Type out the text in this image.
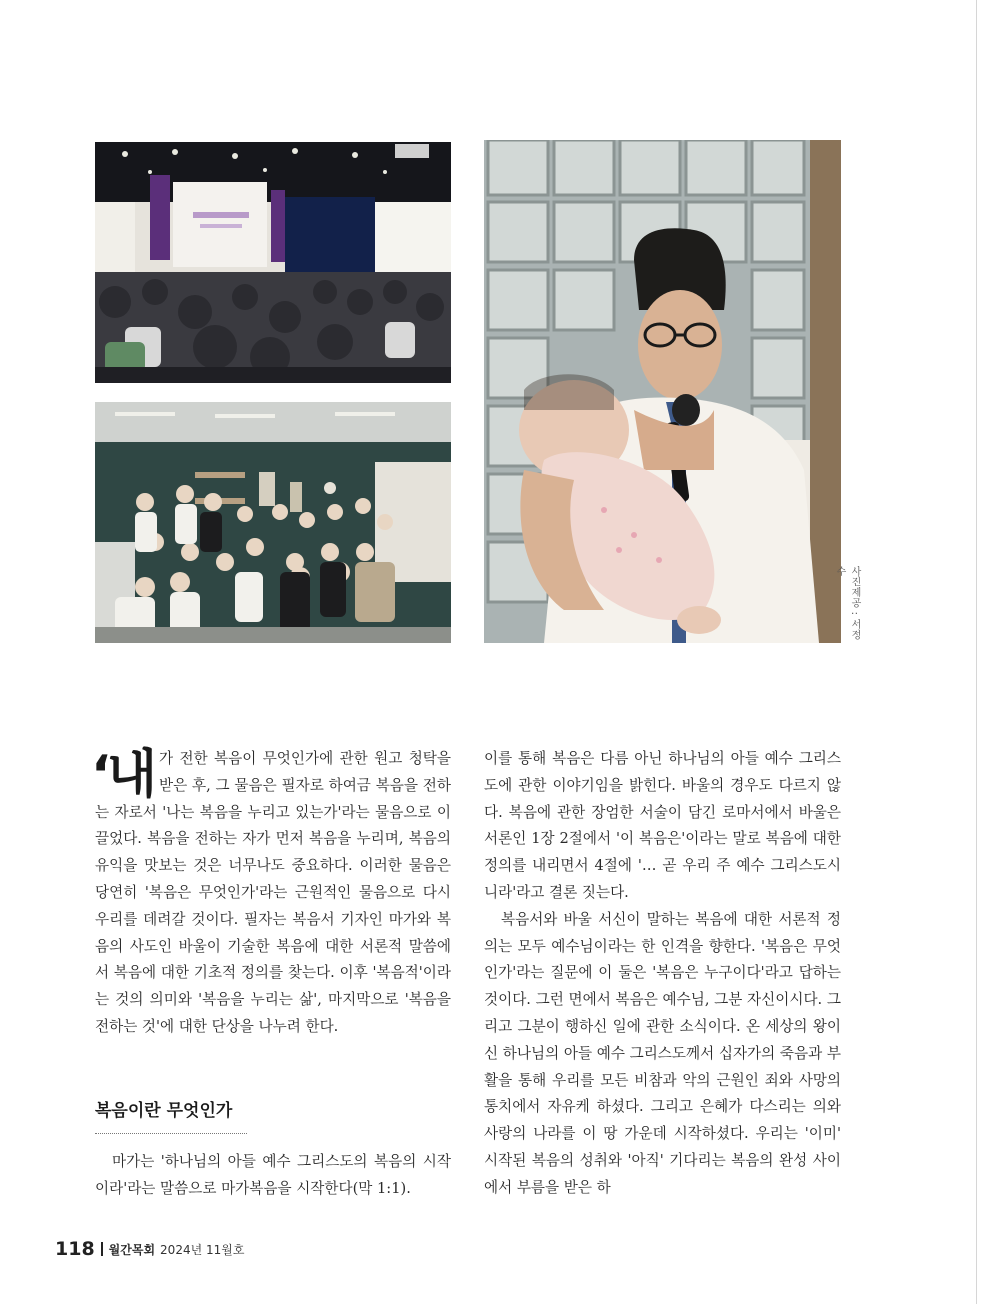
사진제공 : 서정수

‘내가 전한 복음이 무엇인가에 관한 원고 청탁을 받은 후, 그 물음은 필자로 하여금 복음을 전하는 자로서 '나는 복음을 누리고 있는가'라는 물음으로 이끌었다. 복음을 전하는 자가 먼저 복음을 누리며, 복음의 유익을 맛보는 것은 너무나도 중요하다. 이러한 물음은 당연히 '복음은 무엇인가'라는 근원적인 물음으로 다시 우리를 데려갈 것이다. 필자는 복음서 기자인 마가와 복음의 사도인 바울이 기술한 복음에 대한 서론적 말씀에서 복음에 대한 기초적 정의를 찾는다. 이후 '복음적'이라는 것의 의미와 '복음을 누리는 삶', 마지막으로 '복음을 전하는 것'에 대한 단상을 나누려 한다.

복음이란 무엇인가

마가는 '하나님의 아들 예수 그리스도의 복음의 시작이라'라는 말씀으로 마가복음을 시작한다(막 1:1).

이를 통해 복음은 다름 아닌 하나님의 아들 예수 그리스도에 관한 이야기임을 밝힌다. 바울의 경우도 다르지 않다. 복음에 관한 장엄한 서술이 담긴 로마서에서 바울은 서론인 1장 2절에서 '이 복음은'이라는 말로 복음에 대한 정의를 내리면서 4절에 '… 곧 우리 주 예수 그리스도시니라'라고 결론 짓는다.

복음서와 바울 서신이 말하는 복음에 대한 서론적 정의는 모두 예수님이라는 한 인격을 향한다. '복음은 무엇인가'라는 질문에 이 둘은 '복음은 누구이다'라고 답하는 것이다. 그런 면에서 복음은 예수님, 그분 자신이시다. 그리고 그분이 행하신 일에 관한 소식이다. 온 세상의 왕이신 하나님의 아들 예수 그리스도께서 십자가의 죽음과 부활을 통해 우리를 모든 비참과 악의 근원인 죄와 사망의 통치에서 자유케 하셨다. 그리고 은혜가 다스리는 의와 사랑의 나라를 이 땅 가운데 시작하셨다. 우리는 '이미' 시작된 복음의 성취와 '아직' 기다리는 복음의 완성 사이에서 부름을 받은 하

118 월간목회 2024년 11월호
